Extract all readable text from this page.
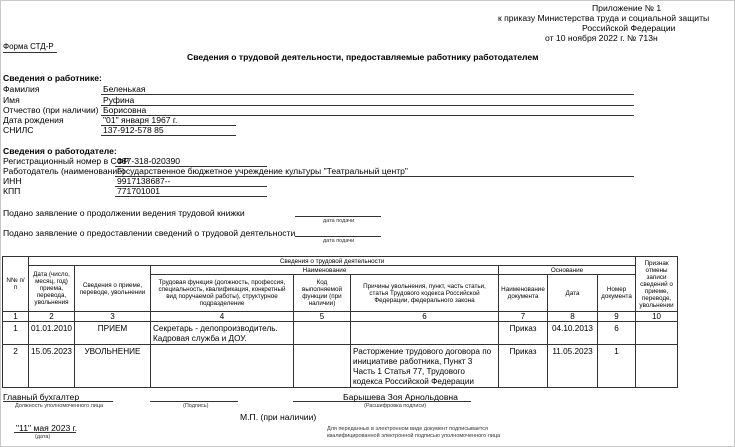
Приложение № 1
к приказу Министерства труда и социальной защиты
Российской Федерации
от 10 ноября 2022 г. № 713н
Форма СТД-Р
Сведения о трудовой деятельности, предоставляемые работнику работодателем
Сведения о работнике:
Фамилия	Беленькая
Имя	Руфина
Отчество (при наличии) Борисовна
Дата рождения	"01" января 1967 г.
СНИЛС	137-912-578 85
Сведения о работодателе:
Регистрационный номер в СФР
087-318-020390
Работодатель (наименование)
Государственное бюджетное учреждение культуры "Театральный центр"
ИНН	9917138687--
КПП	771701001
Подано заявление о продолжении ведения трудовой книжки
дата подачи
Подано заявление о предоставлении сведений о трудовой деятельности
дата подачи
N№ п/п	Сведения о трудовой деятельности								Признак отмены записи сведений о приеме, переводе, увольнении
	Дата (число, месяц, год) приема, перевода, увольнения	Сведения о приеме, переводе, увольнении	Наименование			Основание			
			Трудовая функция (должность, профессия, специальность, квалификация, конкретный вид поручаемой работы), структурное подразделение	Код выполняемой функции (при наличии)	Причины увольнения, пункт, часть статьи, статья Трудового кодекса Российской Федерации, федерального закона	Наименование документа	Дата	Номер документа	
1	2	3	4	5	6	7	8	9	10
1	01.01.2010	ПРИЕМ	Секретарь - делопроизводитель. Кадровая служба и ДОУ.			Приказ	04.10.2013	6	
2	15.05.2023	УВОЛЬНЕНИЕ			Расторжение трудового договора по инициативе работника, Пункт 3 Часть 1 Статья 77, Трудового кодекса Российской Федерации	Приказ	11.05.2023	1	
Главный бухгалтер
Должность уполномоченного лица	(Подпись)
Барышева Зоя Арнольдовна
(Расшифровка подписи)
М.П. (при наличии)
"11" мая 2023 г.
(дата)
Для переданных в электронном виде документ подписывается
квалифицированной электронной подписью уполномоченного лица
